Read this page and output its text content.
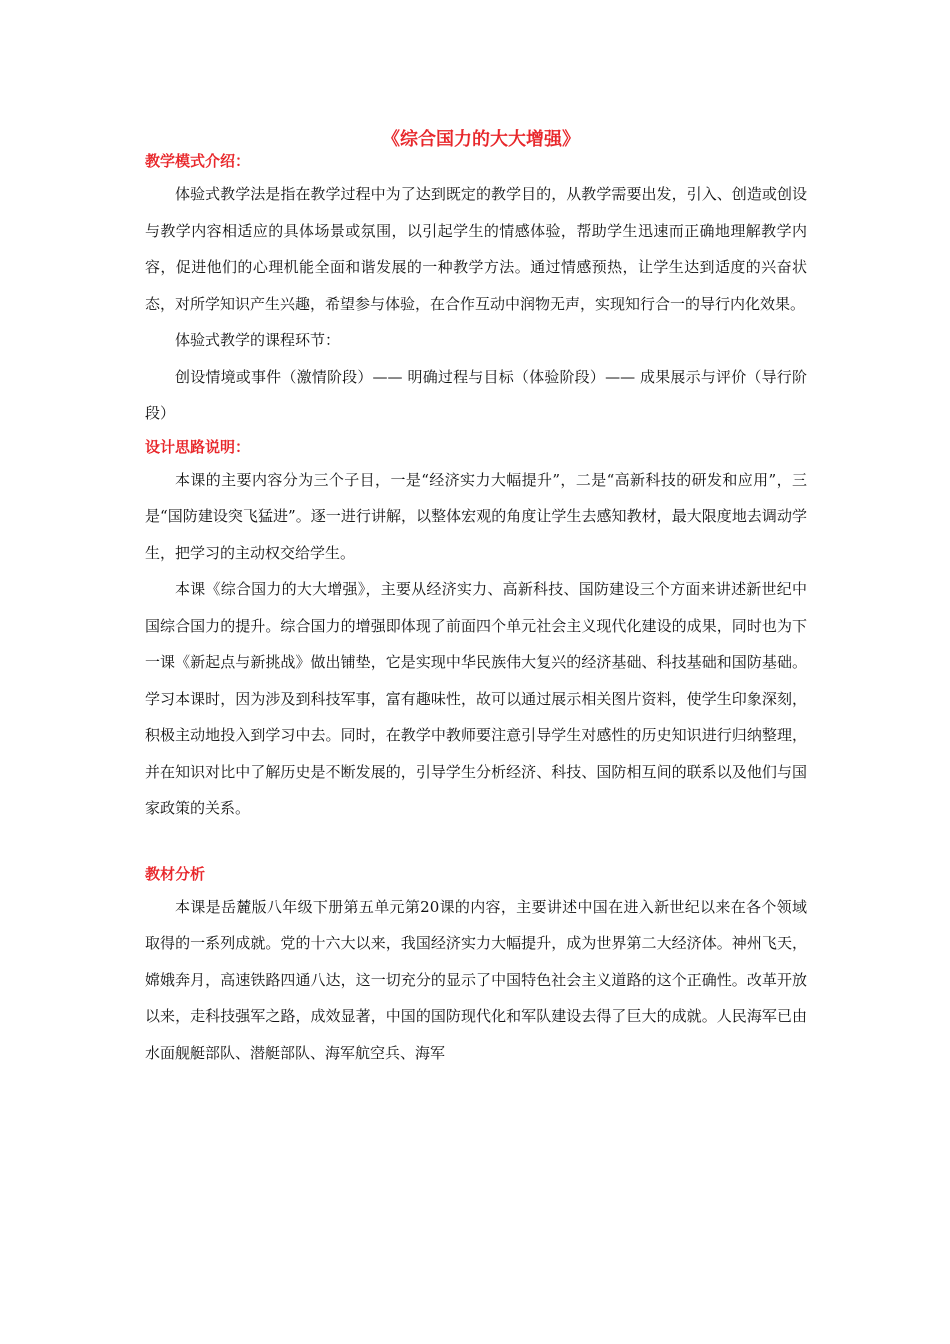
《综合国力的大大增强》
教学模式介绍：

体验式教学法是指在教学过程中为了达到既定的教学目的，从教学需要出发，引入、创造或创设与教学内容相适应的具体场景或氛围，以引起学生的情感体验，帮助学生迅速而正确地理解教学内容，促进他们的心理机能全面和谐发展的一种教学方法。通过情感预热，让学生达到适度的兴奋状态，对所学知识产生兴趣，希望参与体验，在合作互动中润物无声，实现知行合一的导行内化效果。

体验式教学的课程环节：

创设情境或事件（激情阶段）—— 明确过程与目标（体验阶段）—— 成果展示与评价（导行阶段）

设计思路说明：

本课的主要内容分为三个子目，一是“经济实力大幅提升”，二是“高新科技的研发和应用”，三是“国防建设突飞猛进”。逐一进行讲解，以整体宏观的角度让学生去感知教材，最大限度地去调动学生，把学习的主动权交给学生。

本课《综合国力的大大增强》，主要从经济实力、高新科技、国防建设三个方面来讲述新世纪中国综合国力的提升。综合国力的增强即体现了前面四个单元社会主义现代化建设的成果，同时也为下一课《新起点与新挑战》做出铺垫，它是实现中华民族伟大复兴的经济基础、科技基础和国防基础。学习本课时，因为涉及到科技军事，富有趣味性，故可以通过展示相关图片资料，使学生印象深刻，积极主动地投入到学习中去。同时，在教学中教师要注意引导学生对感性的历史知识进行归纳整理，并在知识对比中了解历史是不断发展的，引导学生分析经济、科技、国防相互间的联系以及他们与国家政策的关系。

教材分析

本课是岳麓版八年级下册第五单元第20课的内容，主要讲述中国在进入新世纪以来在各个领域取得的一系列成就。党的十六大以来，我国经济实力大幅提升，成为世界第二大经济体。神州飞天，嫦娥奔月，高速铁路四通八达，这一切充分的显示了中国特色社会主义道路的这个正确性。改革开放以来，走科技强军之路，成效显著，中国的国防现代化和军队建设去得了巨大的成就。人民海军已由水面舰艇部队、潜艇部队、海军航空兵、海军
